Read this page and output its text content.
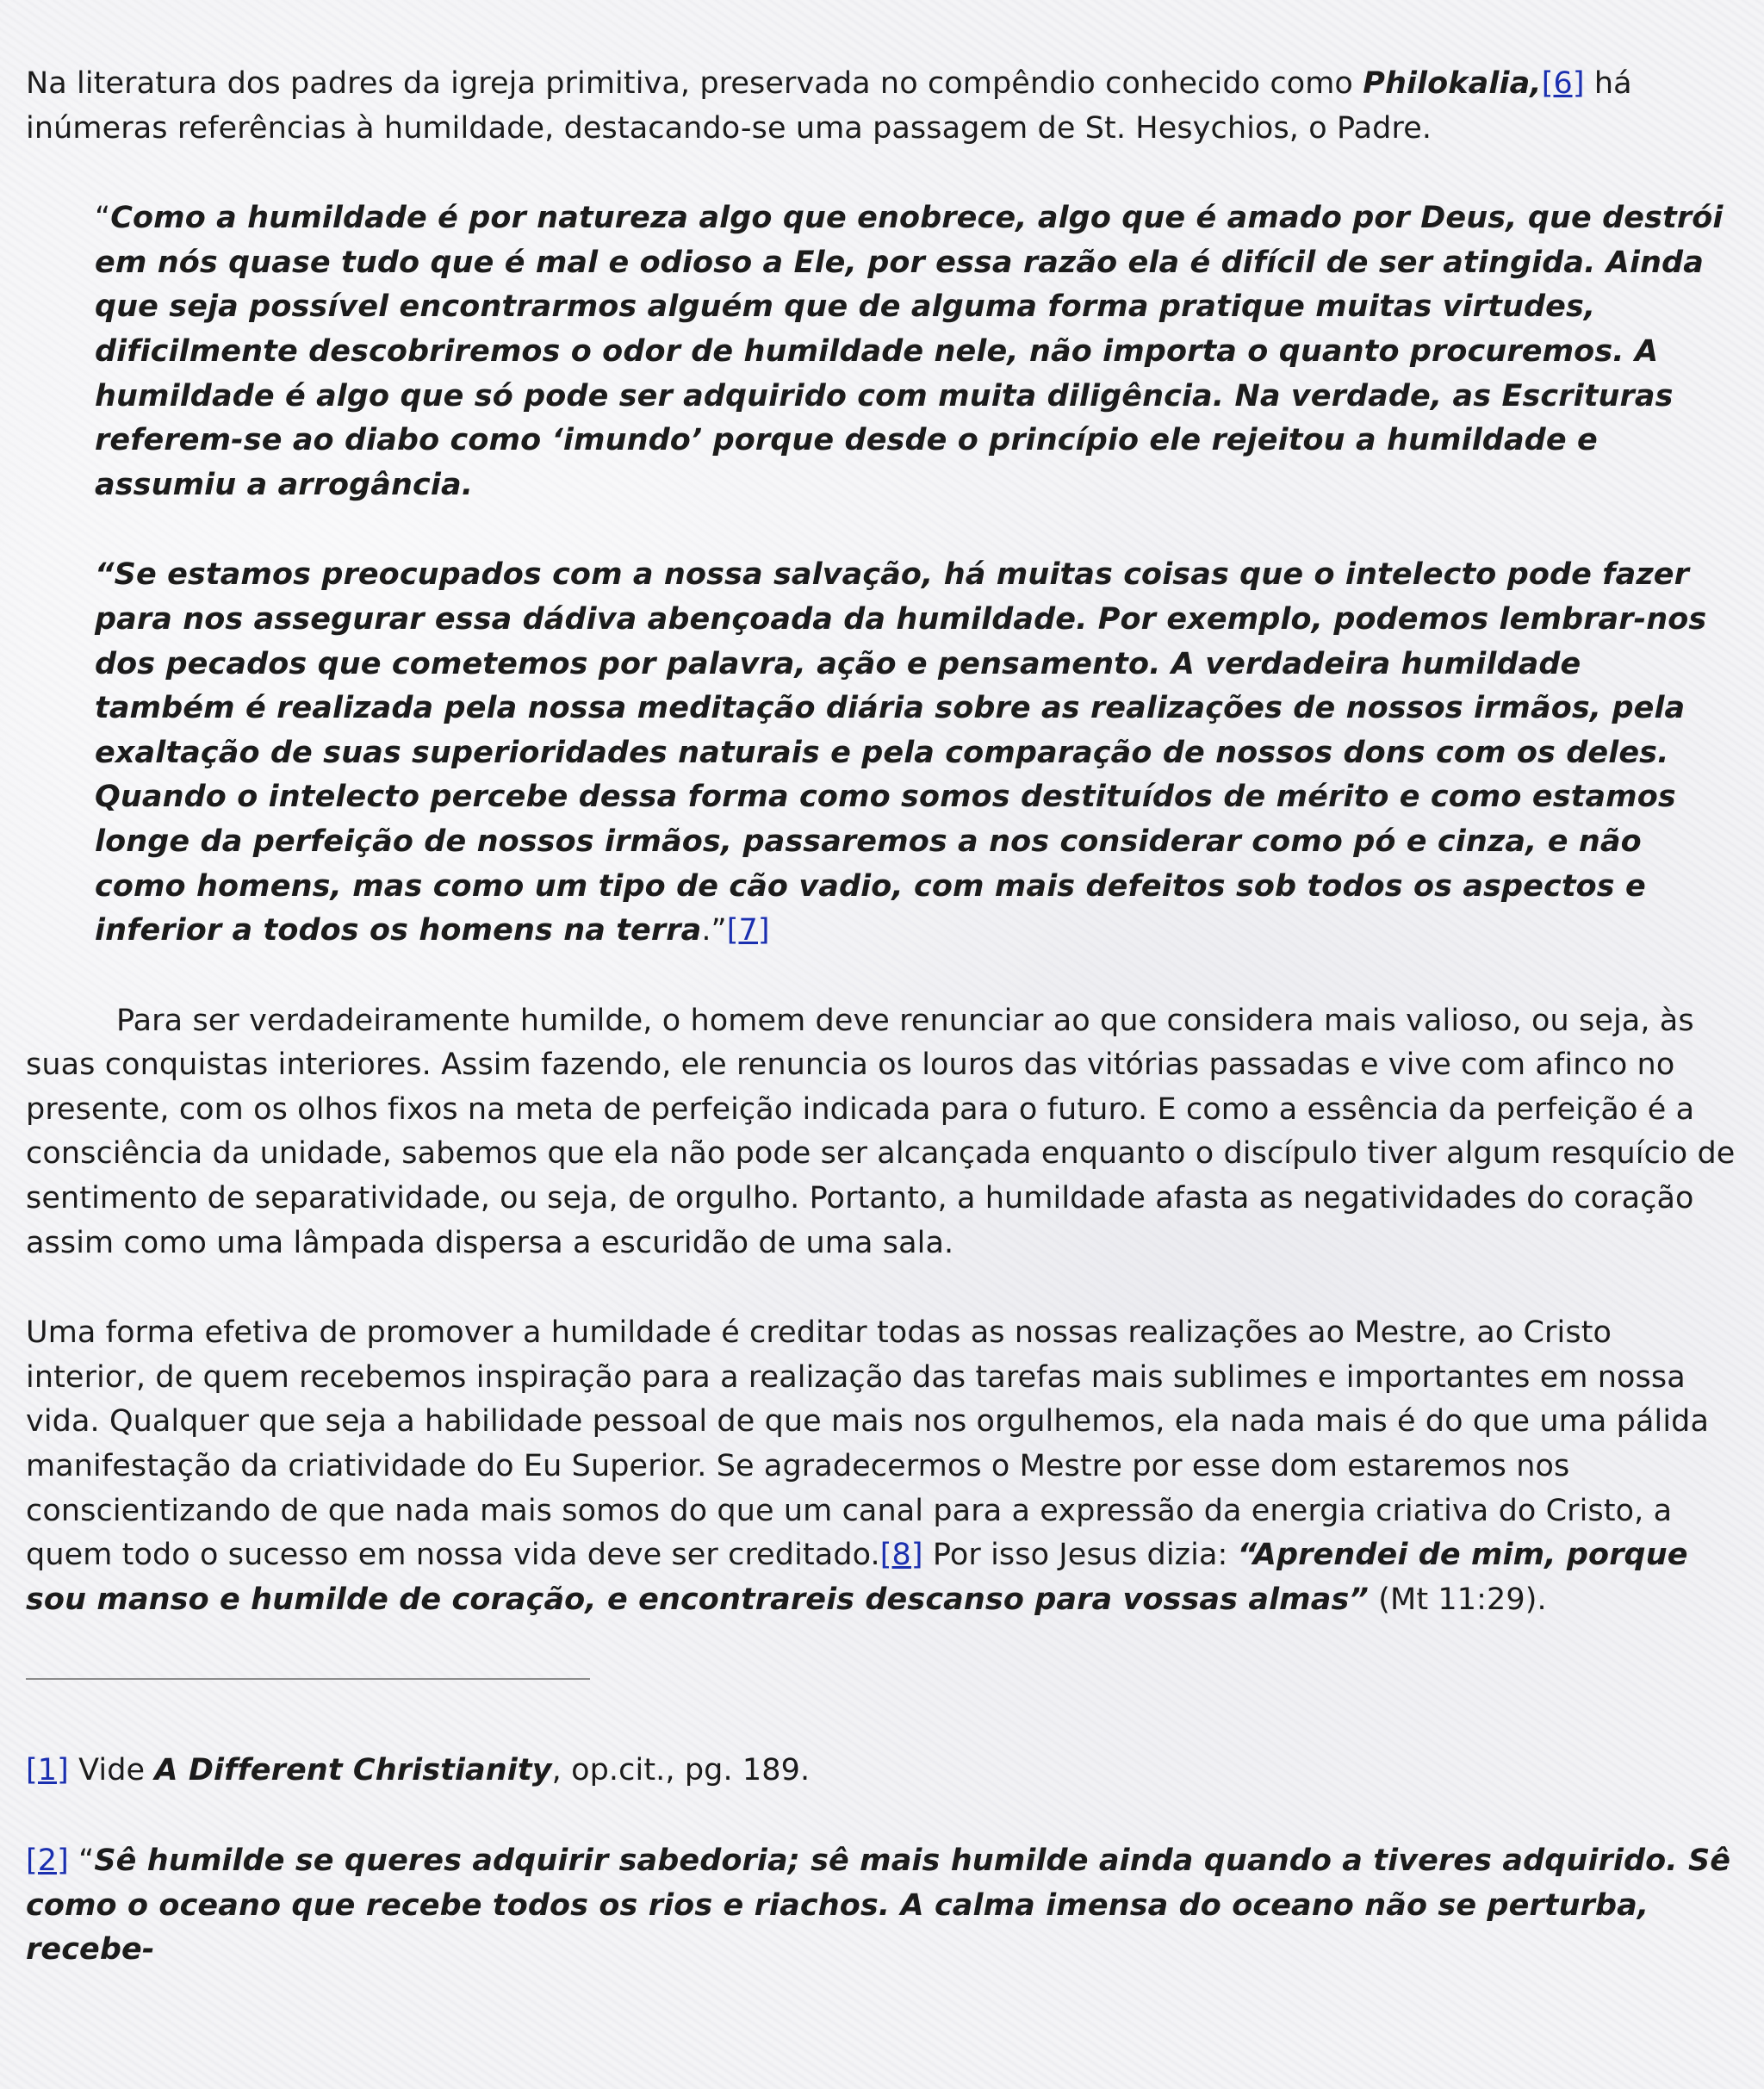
Na literatura dos padres da igreja primitiva, preservada no compêndio conhecido como Philokalia,[6] há inúmeras referências à humildade, destacando-se uma passagem de St. Hesychios, o Padre.

“Como a humildade é por natureza algo que enobrece, algo que é amado por Deus, que destrói em nós quase tudo que é mal e odioso a Ele, por essa razão ela é difícil de ser atingida. Ainda que seja possível encontrarmos alguém que de alguma forma pratique muitas virtudes, dificilmente descobriremos o odor de humildade nele, não importa o quanto procuremos. A humildade é algo que só pode ser adquirido com muita diligência. Na verdade, as Escrituras referem-se ao diabo como ‘imundo’ porque desde o princípio ele rejeitou a humildade e assumiu a arrogância.

“Se estamos preocupados com a nossa salvação, há muitas coisas que o intelecto pode fazer para nos assegurar essa dádiva abençoada da humildade. Por exemplo, podemos lembrar-nos dos pecados que cometemos por palavra, ação e pensamento. A verdadeira humildade também é realizada pela nossa meditação diária sobre as realizações de nossos irmãos, pela exaltação de suas superioridades naturais e pela comparação de nossos dons com os deles. Quando o intelecto percebe dessa forma como somos destituídos de mérito e como estamos longe da perfeição de nossos irmãos, passaremos a nos considerar como pó e cinza, e não como homens, mas como um tipo de cão vadio, com mais defeitos sob todos os aspectos e inferior a todos os homens na terra.”[7]

Para ser verdadeiramente humilde, o homem deve renunciar ao que considera mais valioso, ou seja, às suas conquistas interiores. Assim fazendo, ele renuncia os louros das vitórias passadas e vive com afinco no presente, com os olhos fixos na meta de perfeição indicada para o futuro. E como a essência da perfeição é a consciência da unidade, sabemos que ela não pode ser alcançada enquanto o discípulo tiver algum resquício de sentimento de separatividade, ou seja, de orgulho. Portanto, a humildade afasta as negatividades do coração assim como uma lâmpada dispersa a escuridão de uma sala.

Uma forma efetiva de promover a humildade é creditar todas as nossas realizações ao Mestre, ao Cristo interior, de quem recebemos inspiração para a realização das tarefas mais sublimes e importantes em nossa vida. Qualquer que seja a habilidade pessoal de que mais nos orgulhemos, ela nada mais é do que uma pálida manifestação da criatividade do Eu Superior. Se agradecermos o Mestre por esse dom estaremos nos conscientizando de que nada mais somos do que um canal para a expressão da energia criativa do Cristo, a quem todo o sucesso em nossa vida deve ser creditado.[8] Por isso Jesus dizia: “Aprendei de mim, porque sou manso e humilde de coração, e encontrareis descanso para vossas almas” (Mt 11:29).

[1] Vide A Different Christianity, op.cit., pg. 189.

[2] “Sê humilde se queres adquirir sabedoria; sê mais humilde ainda quando a tiveres adquirido. Sê como o oceano que recebe todos os rios e riachos. A calma imensa do oceano não se perturba, recebe-
